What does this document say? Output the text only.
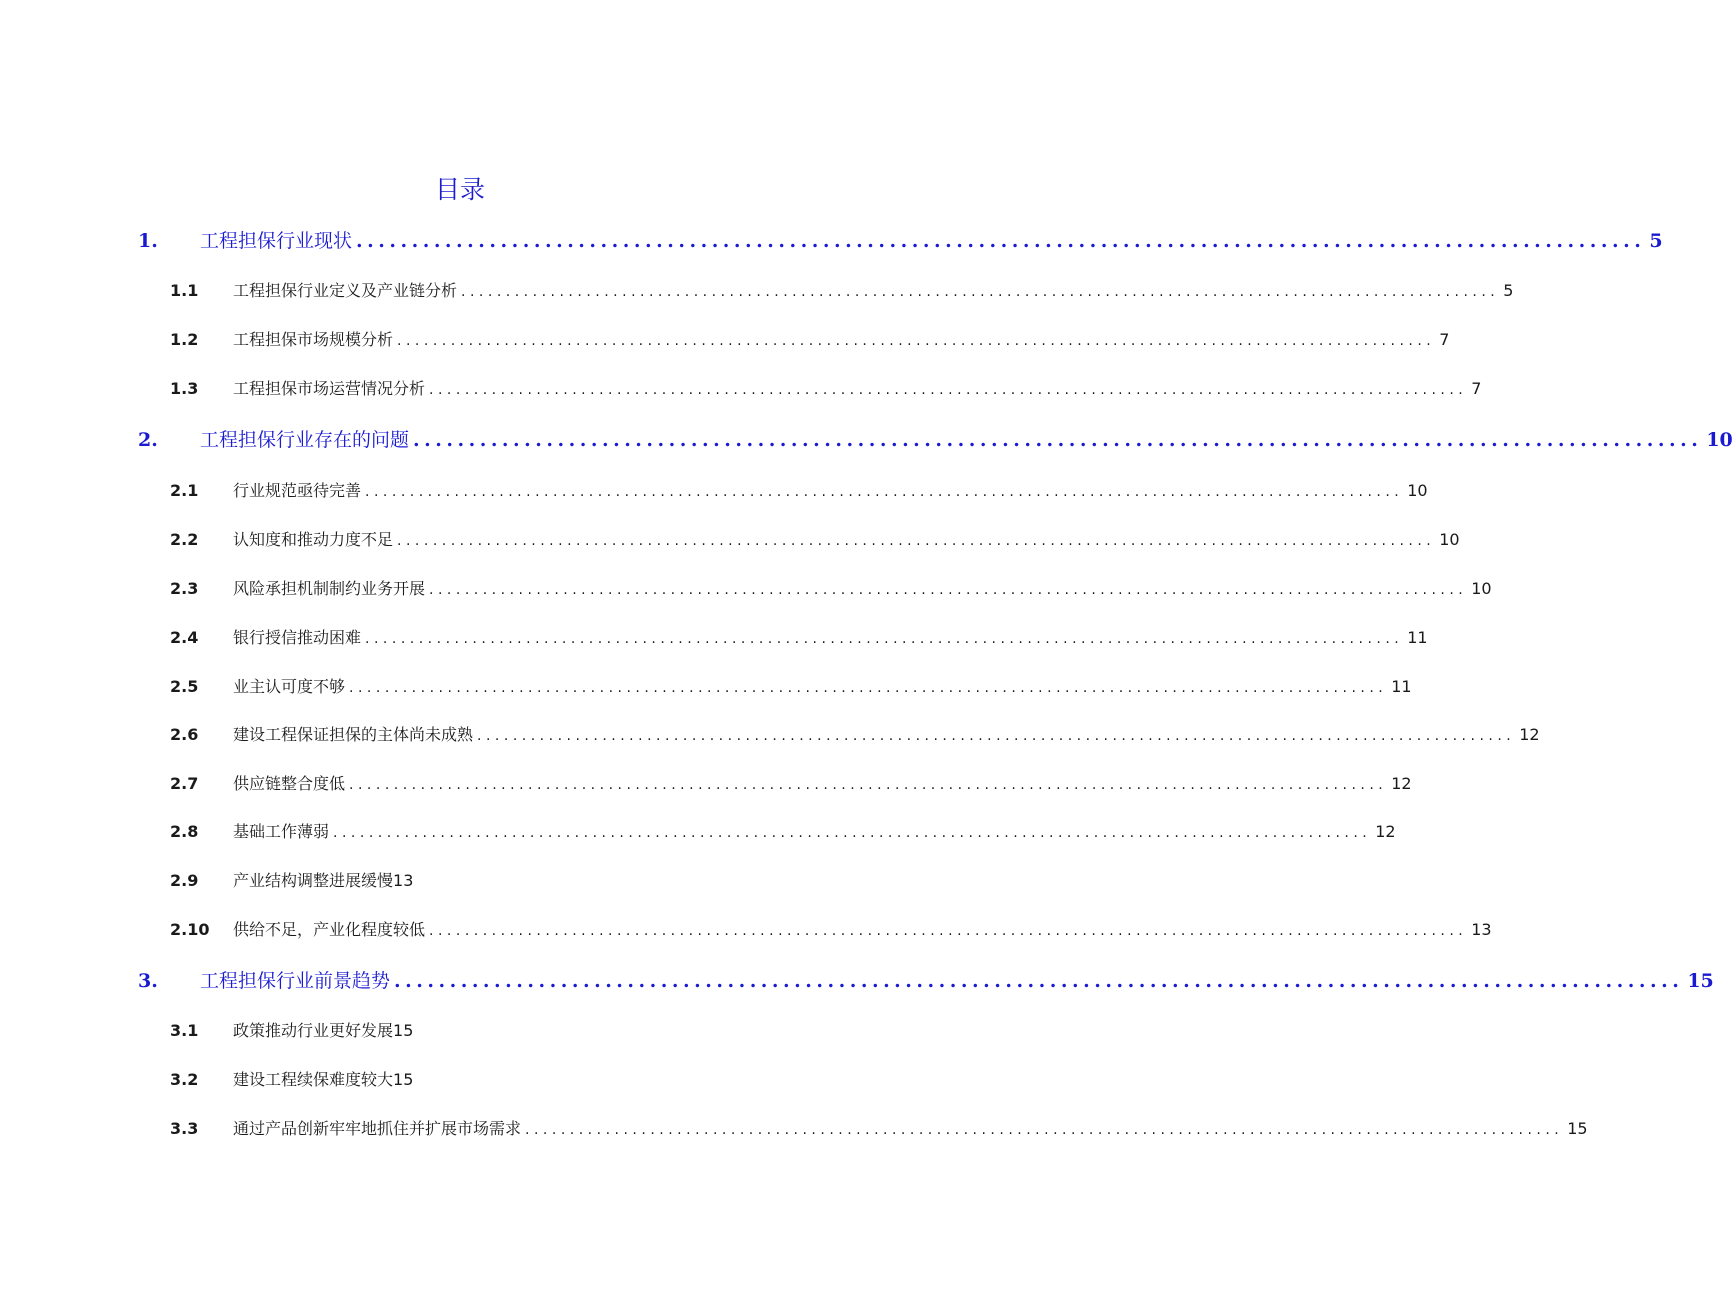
目录
1.	工程担保行业现状 .................................................................................................................... 5
1.1	工程担保行业定义及产业链分析 .................................................................................................................... 5
1.2	工程担保市场规模分析 .................................................................................................................... 7
1.3	工程担保市场运营情况分析 .................................................................................................................... 7
2.	工程担保行业存在的问题 .................................................................................................................... 10
2.1	行业规范亟待完善 .................................................................................................................... 10
2.2	认知度和推动力度不足 .................................................................................................................... 10
2.3	风险承担机制制约业务开展 .................................................................................................................... 10
2.4	银行授信推动困难 .................................................................................................................... 11
2.5	业主认可度不够 .................................................................................................................... 11
2.6	建设工程保证担保的主体尚未成熟 .................................................................................................................... 12
2.7	供应链整合度低 .................................................................................................................... 12
2.8	基础工作薄弱 .................................................................................................................... 12
2.9	产业结构调整进展缓慢 13
2.10	供给不足，产业化程度较低 .................................................................................................................... 13
3.	工程担保行业前景趋势 .................................................................................................................... 15
3.1	政策推动行业更好发展 15
3.2	建设工程续保难度较大 15
3.3	通过产品创新牢牢地抓住并扩展市场需求 .................................................................................................................... 15
